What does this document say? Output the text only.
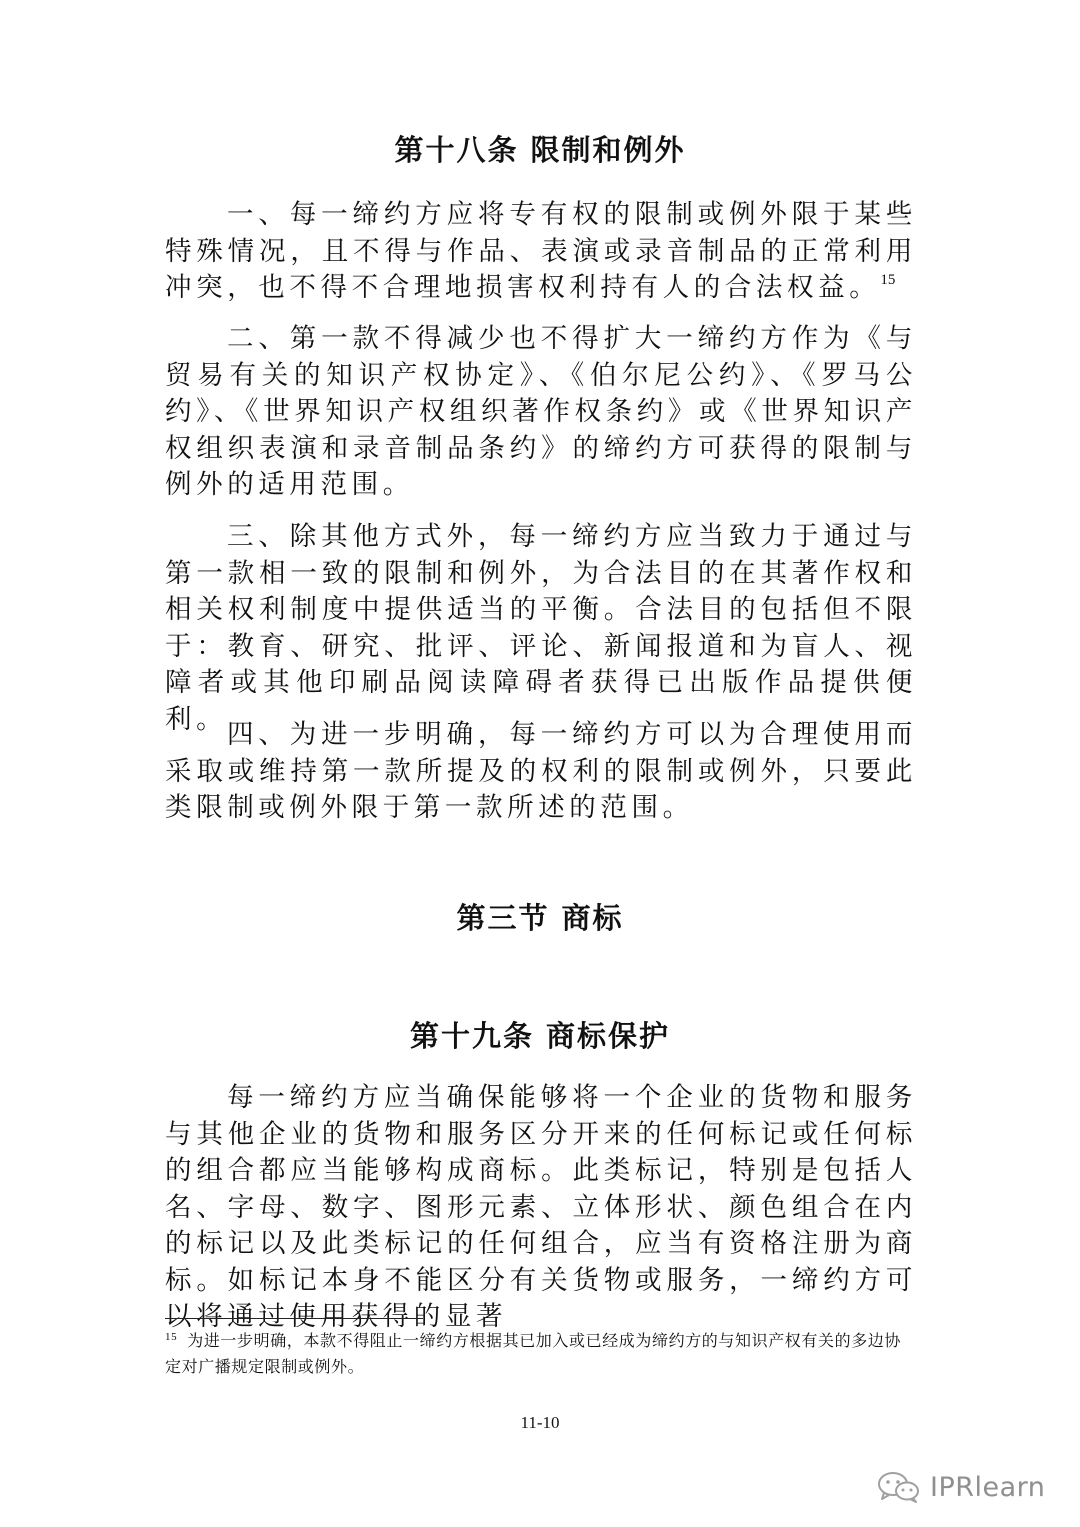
第十八条 限制和例外

一、每一缔约方应将专有权的限制或例外限于某些特殊情况，且不得与作品、表演或录音制品的正常利用冲突，也不得不合理地损害权利持有人的合法权益。$^{15}$

二、第一款不得减少也不得扩大一缔约方作为《与贸易有关的知识产权协定》、《伯尔尼公约》、《罗马公约》、《世界知识产权组织著作权条约》或《世界知识产权组织表演和录音制品条约》的缔约方可获得的限制与例外的适用范围。

三、除其他方式外，每一缔约方应当致力于通过与第一款相一致的限制和例外，为合法目的在其著作权和相关权利制度中提供适当的平衡。合法目的包括但不限于：教育、研究、批评、评论、新闻报道和为盲人、视障者或其他印刷品阅读障碍者获得已出版作品提供便利。 四、为进一步明确，每一缔约方可以为合理使用而采取或维持第一款所提及的权利的限制或例外，只要此类限制或例外限于第一款所述的范围。

第三节 商标
第十九条 商标保护

每一缔约方应当确保能够将一个企业的货物和服务与其他企业的货物和服务区分开来的任何标记或任何标的组合都应当能够构成商标。此类标记，特别是包括人名、字母、数字、图形元素、立体形状、颜色组合在内的标记以及此类标记的任何组合，应当有资格注册为商标。如标记本身不能区分有关货物或服务，一缔约方可以将通过使用获得的显著

$^{15}$ 为进一步明确，本款不得阻止一缔约方根据其已加入或已经成为缔约方的与知识产权有关的多边协定对广播规定限制或例外。

11-10
IPRlearn
